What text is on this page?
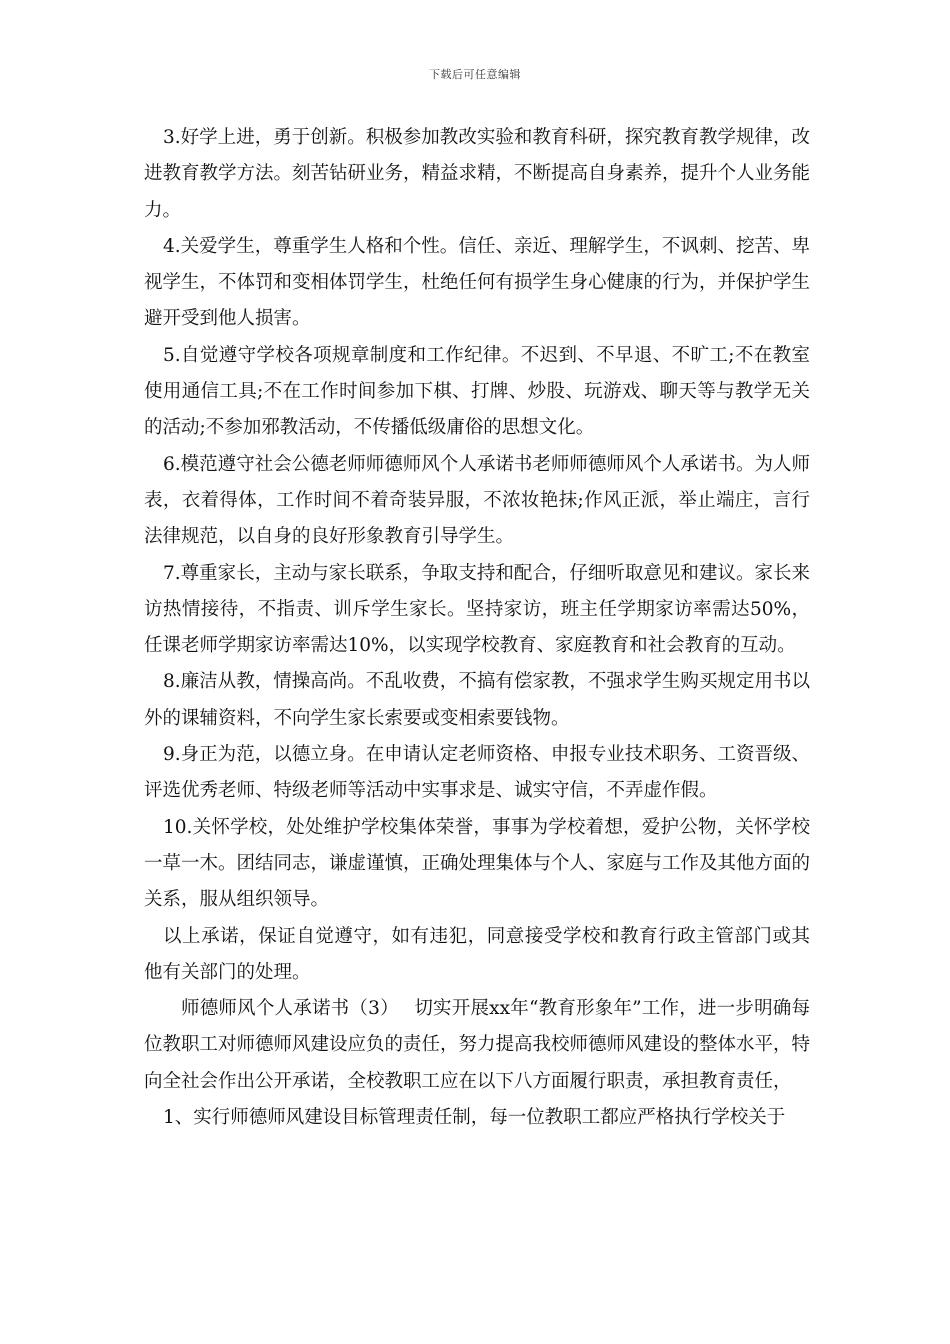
下载后可任意编辑

3.好学上进，勇于创新。积极参加教改实验和教育科研，探究教育教学规律，改进教育教学方法。刻苦钻研业务，精益求精，不断提高自身素养，提升个人业务能力。

4.关爱学生，尊重学生人格和个性。信任、亲近、理解学生，不讽刺、挖苦、卑视学生，不体罚和变相体罚学生，杜绝任何有损学生身心健康的行为，并保护学生避开受到他人损害。

5.自觉遵守学校各项规章制度和工作纪律。不迟到、不早退、不旷工;不在教室使用通信工具;不在工作时间参加下棋、打牌、炒股、玩游戏、聊天等与教学无关的活动;不参加邪教活动，不传播低级庸俗的思想文化。

6.模范遵守社会公德老师师德师风个人承诺书老师师德师风个人承诺书。为人师表，衣着得体，工作时间不着奇装异服，不浓妆艳抹;作风正派，举止端庄，言行法律规范，以自身的良好形象教育引导学生。

7.尊重家长，主动与家长联系，争取支持和配合，仔细听取意见和建议。家长来访热情接待，不指责、训斥学生家长。坚持家访，班主任学期家访率需达50%，任课老师学期家访率需达10%，以实现学校教育、家庭教育和社会教育的互动。

8.廉洁从教，情操高尚。不乱收费，不搞有偿家教，不强求学生购买规定用书以外的课辅资料，不向学生家长索要或变相索要钱物。

9.身正为范，以德立身。在申请认定老师资格、申报专业技术职务、工资晋级、评选优秀老师、特级老师等活动中实事求是、诚实守信，不弄虚作假。

10.关怀学校，处处维护学校集体荣誉，事事为学校着想，爱护公物，关怀学校一草一木。团结同志，谦虚谨慎，正确处理集体与个人、家庭与工作及其他方面的关系，服从组织领导。

以上承诺，保证自觉遵守，如有违犯，同意接受学校和教育行政主管部门或其他有关部门的处理。

师德师风个人承诺书（3）　 切实开展xx年“教育形象年”工作，进一步明确每位教职工对师德师风建设应负的责任，努力提高我校师德师风建设的整体水平，特向全社会作出公开承诺，全校教职工应在以下八方面履行职责，承担教育责任，

1、实行师德师风建设目标管理责任制，每一位教职工都应严格执行学校关于
